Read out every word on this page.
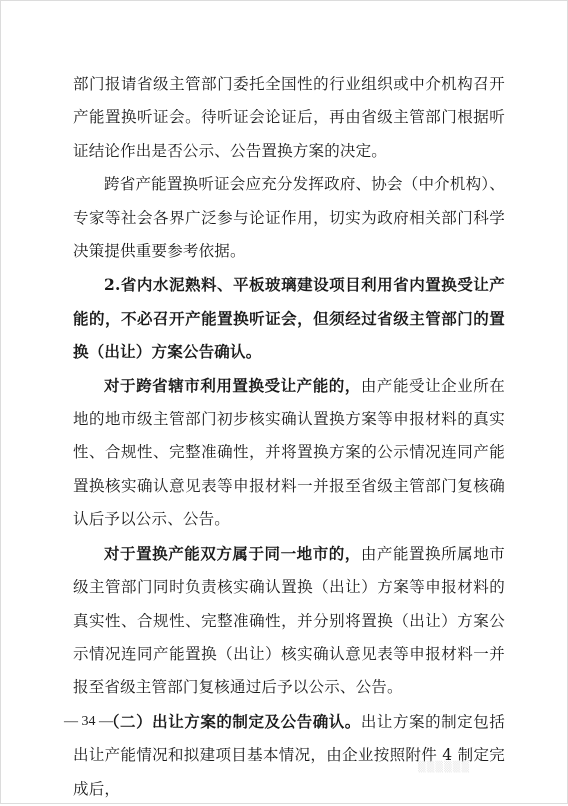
部门报请省级主管部门委托全国性的行业组织或中介机构召开产能置换听证会。待听证会论证后，再由省级主管部门根据听证结论作出是否公示、公告置换方案的决定。

跨省产能置换听证会应充分发挥政府、协会（中介机构）、专家等社会各界广泛参与论证作用，切实为政府相关部门科学决策提供重要参考依据。

2.省内水泥熟料、平板玻璃建设项目利用省内置换受让产能的，不必召开产能置换听证会，但须经过省级主管部门的置换（出让）方案公告确认。

对于跨省辖市利用置换受让产能的，由产能受让企业所在地的地市级主管部门初步核实确认置换方案等申报材料的真实性、合规性、完整准确性，并将置换方案的公示情况连同产能置换核实确认意见表等申报材料一并报至省级主管部门复核确认后予以公示、公告。

对于置换产能双方属于同一地市的，由产能置换所属地市级主管部门同时负责核实确认置换（出让）方案等申报材料的真实性、合规性、完整准确性，并分别将置换（出让）方案公示情况连同产能置换（出让）核实确认意见表等申报材料一并报至省级主管部门复核通过后予以公示、公告。

（二）出让方案的制定及公告确认。出让方案的制定包括出让产能情况和拟建项目基本情况，由企业按照附件 4 制定完成后，

— 34 —
▒▒▒▒▒▒
